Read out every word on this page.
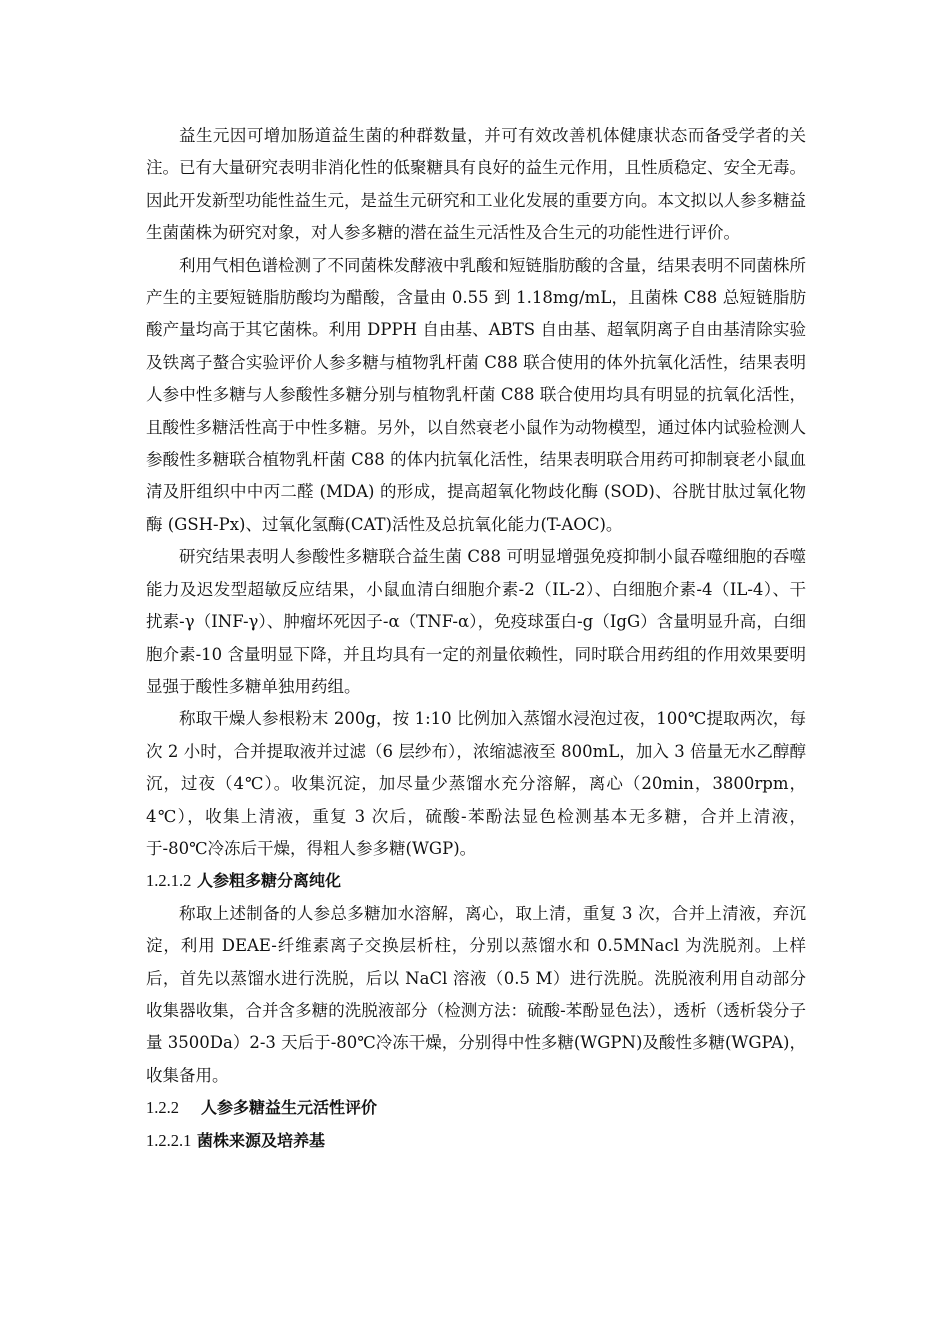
益生元因可增加肠道益生菌的种群数量，并可有效改善机体健康状态而备受学者的关注。已有大量研究表明非消化性的低聚糖具有良好的益生元作用，且性质稳定、安全无毒。因此开发新型功能性益生元，是益生元研究和工业化发展的重要方向。本文拟以人参多糖益生菌菌株为研究对象，对人参多糖的潜在益生元活性及合生元的功能性进行评价。

利用气相色谱检测了不同菌株发酵液中乳酸和短链脂肪酸的含量，结果表明不同菌株所产生的主要短链脂肪酸均为醋酸，含量由 0.55 到 1.18mg/mL，且菌株 C88 总短链脂肪酸产量均高于其它菌株。利用 DPPH 自由基、ABTS 自由基、超氧阴离子自由基清除实验及铁离子螯合实验评价人参多糖与植物乳杆菌 C88 联合使用的体外抗氧化活性，结果表明人参中性多糖与人参酸性多糖分别与植物乳杆菌 C88 联合使用均具有明显的抗氧化活性，且酸性多糖活性高于中性多糖。另外，以自然衰老小鼠作为动物模型，通过体内试验检测人参酸性多糖联合植物乳杆菌 C88 的体内抗氧化活性，结果表明联合用药可抑制衰老小鼠血清及肝组织中中丙二醛 (MDA) 的形成，提高超氧化物歧化酶 (SOD)、谷胱甘肽过氧化物酶 (GSH-Px)、过氧化氢酶(CAT)活性及总抗氧化能力(T-AOC)。

研究结果表明人参酸性多糖联合益生菌 C88 可明显增强免疫抑制小鼠吞噬细胞的吞噬能力及迟发型超敏反应结果，小鼠血清白细胞介素-2（IL-2）、白细胞介素-4（IL-4）、干扰素-γ（INF-γ）、肿瘤坏死因子-α（TNF-α），免疫球蛋白-g（IgG）含量明显升高，白细胞介素-10 含量明显下降，并且均具有一定的剂量依赖性，同时联合用药组的作用效果要明显强于酸性多糖单独用药组。

称取干燥人参根粉末 200g，按 1:10 比例加入蒸馏水浸泡过夜，100℃提取两次，每次 2 小时，合并提取液并过滤（6 层纱布），浓缩滤液至 800mL，加入 3 倍量无水乙醇醇沉，过夜（4℃）。收集沉淀，加尽量少蒸馏水充分溶解，离心（20min，3800rpm，4℃），收集上清液，重复 3 次后，硫酸-苯酚法显色检测基本无多糖，合并上清液，于-80℃冷冻后干燥，得粗人参多糖(WGP)。

1.2.1.2 人参粗多糖分离纯化

称取上述制备的人参总多糖加水溶解，离心，取上清，重复 3 次，合并上清液，弃沉淀，利用 DEAE-纤维素离子交换层析柱，分别以蒸馏水和 0.5MNacl 为洗脱剂。上样后，首先以蒸馏水进行洗脱，后以 NaCl 溶液（0.5 M）进行洗脱。洗脱液利用自动部分收集器收集，合并含多糖的洗脱液部分（检测方法：硫酸-苯酚显色法），透析（透析袋分子量 3500Da）2-3 天后于-80℃冷冻干燥，分别得中性多糖(WGPN)及酸性多糖(WGPA)，收集备用。

1.2.2 人参多糖益生元活性评价

1.2.2.1 菌株来源及培养基
